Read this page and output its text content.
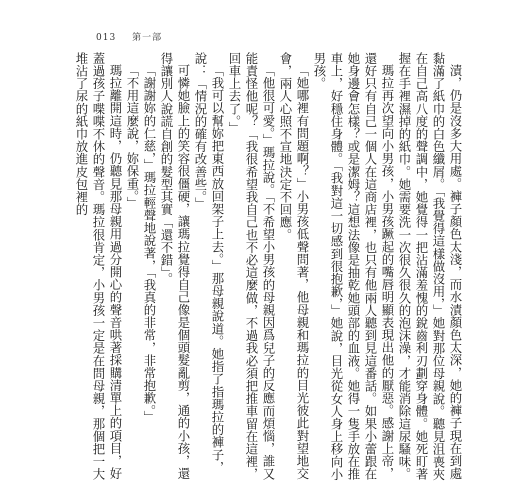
013 第一部

漬，仍是沒多大用處。褲子顏色太淺，而水漬顏色太深，她的褲子現在到處黏滿了紙巾的白色纖屑。「我覺得這樣做沒用，」她對那位母親說。聽見沮喪夾在自己高八度的聲調中，她覺得一把沾滿羞愧的銳齒利刃劃穿身體。她死盯著握在手裡濕掉的紙巾。她需要洗一次很久很久的泡沫澡，才能消除這尿騷味。

瑪拉再次望向小男孩，小男孩蹶起的嘴唇明顯表現出他的厭惡。感謝上帝，還好只有自己一個人在這商店裡，也只有他兩人聽到見這番話。如果小蕾跟在她身邊會怎樣？或是潔姆？這想法像是抽乾她頭部的血液。她得一隻手放在推車上，好穩住身體。「我對這一切感到很抱歉，」她說，目光從女人身上移向小男孩。

「她哪裡有問題啊？」小男孩低聲問著，他母親和瑪拉的目光彼此對望地交會，兩人心照不宣地決定不回應。

「他很可愛。」瑪拉說。「不希望小男孩的母親因爲兒子的反應而煩惱，誰又能責怪他呢？「我很希望我自己也不必這麼做，不過我必須把推車留在這裡，回車上去了。」

「我可以幫妳把東西放回架子上去。」那母親說道。她指了指瑪拉的褲子，說：「情況的確有改善些。」

可憐她臉上的笑容很僵硬，讓瑪拉覺得自己像是個頭髮亂剪，通的小孩，還得讓別人說謊自創的髮型其實「還不錯」。

「謝謝妳的仁慈，」瑪拉輕聲地說著，「我真的非常，非常抱歉。」

「不用這麼說，妳保重。」

瑪拉離開這時，仍聽見那母親用過分開心的聲音哄著採購清單上的項目，好蓋過孩子喋喋不休的聲音。瑪拉很肯定，小男孩一定是在問母親，那個把一大堆沾了尿的紙巾放進皮包裡的
